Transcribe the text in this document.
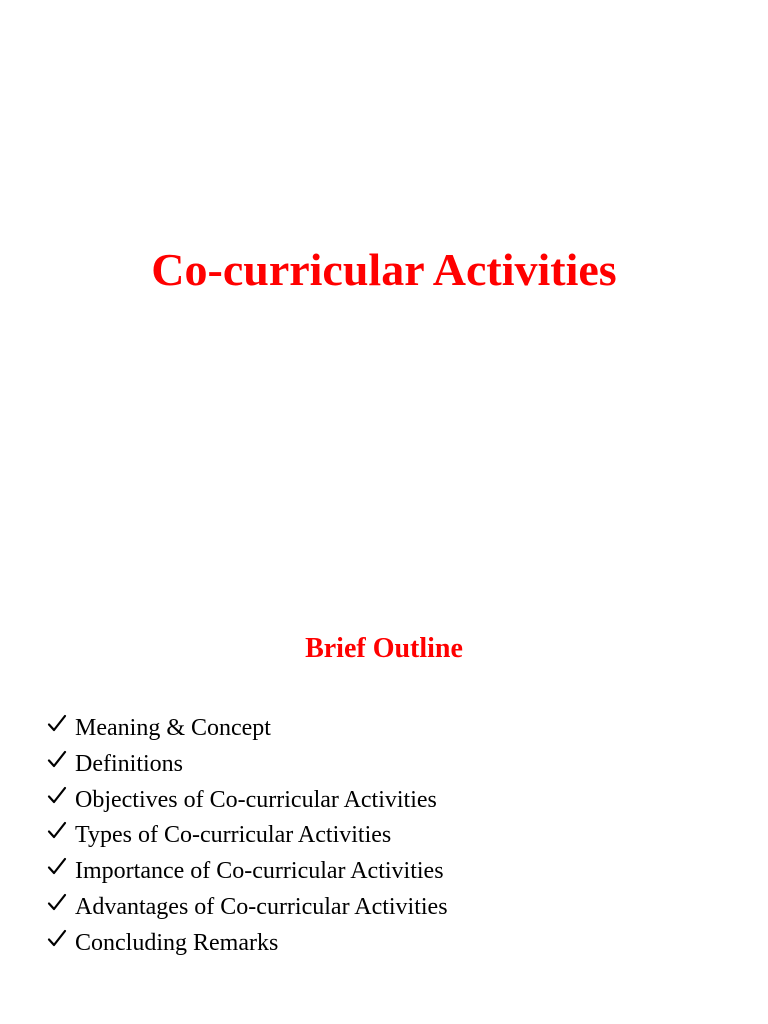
Co-curricular Activities
Brief Outline
Meaning & Concept
Definitions
Objectives of Co-curricular Activities
Types of Co-curricular Activities
Importance of Co-curricular Activities
Advantages of Co-curricular Activities
Concluding Remarks
